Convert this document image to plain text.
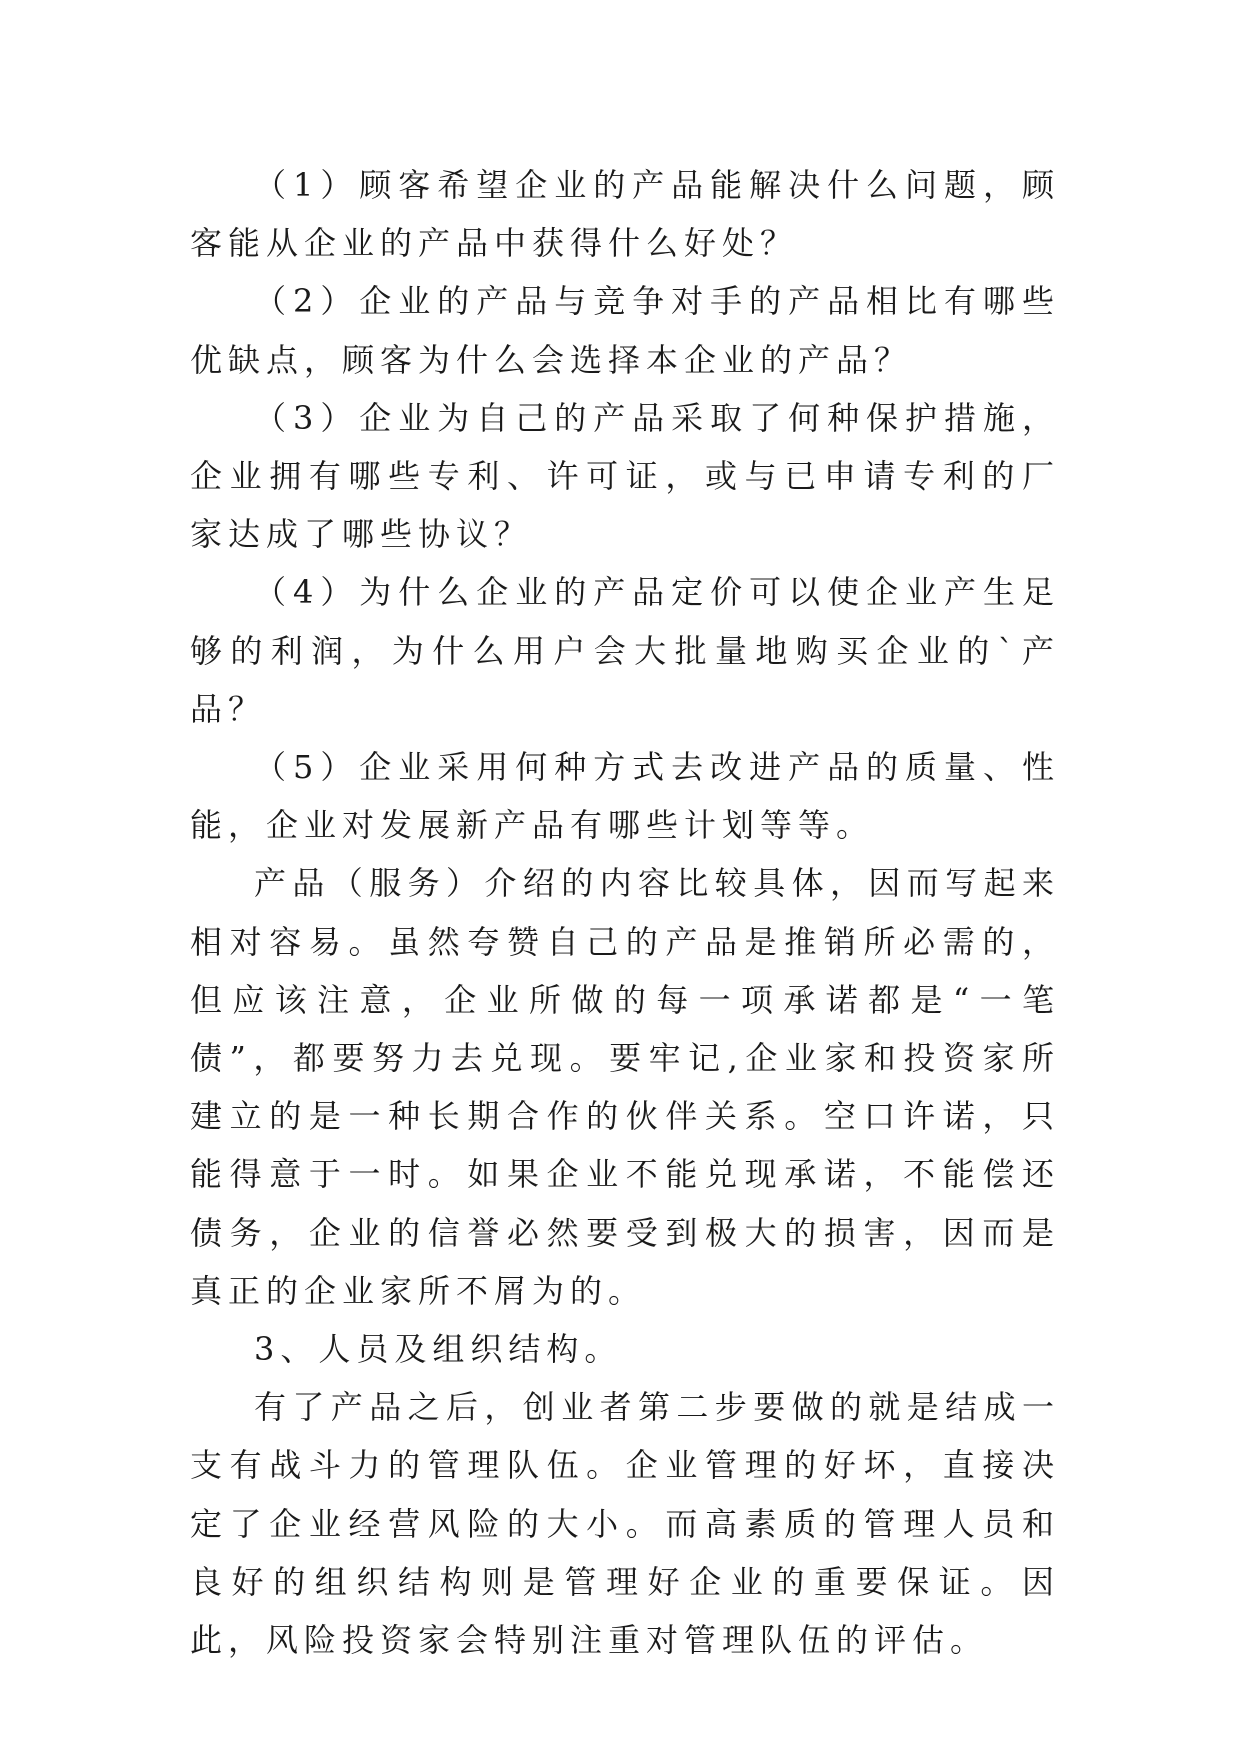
（1）顾客希望企业的产品能解决什么问题，顾客能从企业的产品中获得什么好处？

（2）企业的产品与竞争对手的产品相比有哪些优缺点，顾客为什么会选择本企业的产品？

（3）企业为自己的产品采取了何种保护措施，企业拥有哪些专利、许可证，或与已申请专利的厂家达成了哪些协议？

（4）为什么企业的产品定价可以使企业产生足够的利润，为什么用户会大批量地购买企业的`产品？

（5）企业采用何种方式去改进产品的质量、性能，企业对发展新产品有哪些计划等等。

产品（服务）介绍的内容比较具体，因而写起来相对容易。虽然夸赞自己的产品是推销所必需的，但应该注意，企业所做的每一项承诺都是“一笔债”，都要努力去兑现。要牢记,企业家和投资家所建立的是一种长期合作的伙伴关系。空口许诺，只能得意于一时。如果企业不能兑现承诺，不能偿还债务，企业的信誉必然要受到极大的损害，因而是真正的企业家所不屑为的。

3、人员及组织结构。

有了产品之后，创业者第二步要做的就是结成一支有战斗力的管理队伍。企业管理的好坏，直接决定了企业经营风险的大小。而高素质的管理人员和良好的组织结构则是管理好企业的重要保证。因此，风险投资家会特别注重对管理队伍的评估。
